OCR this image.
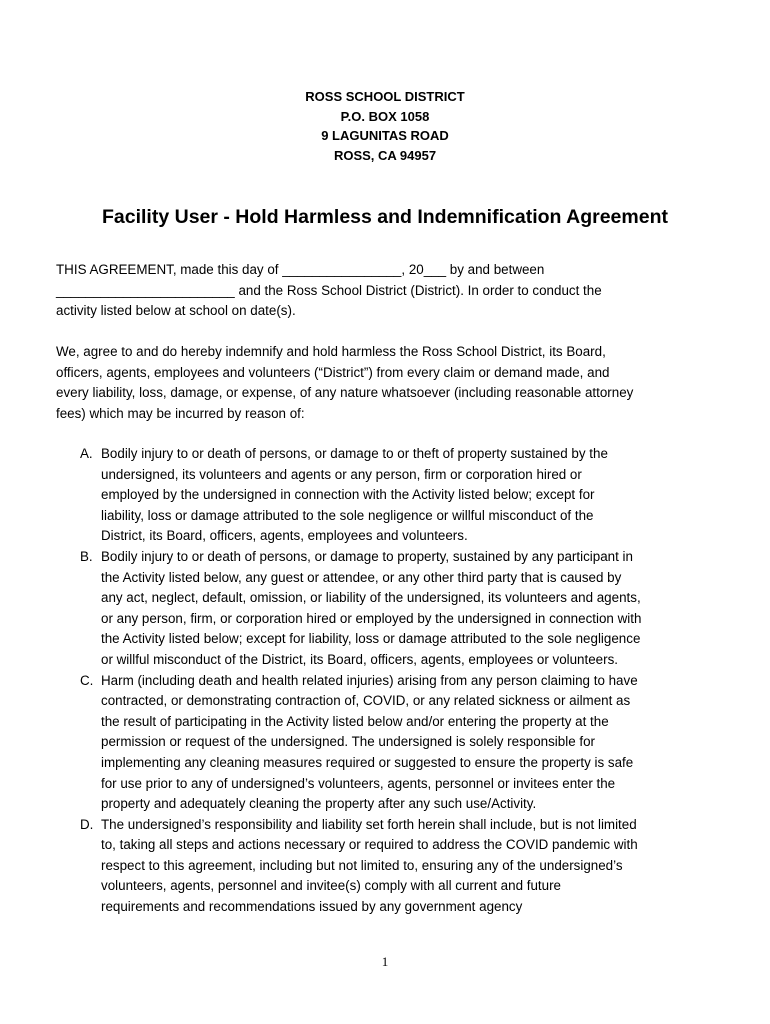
ROSS SCHOOL DISTRICT
P.O. BOX 1058
9 LAGUNITAS ROAD
ROSS, CA 94957
Facility User - Hold Harmless and Indemnification Agreement
THIS AGREEMENT, made this day of ________________, 20___ by and between
________________________ and the Ross School District (District). In order to conduct the
activity listed below at school on date(s).
We, agree to and do hereby indemnify and hold harmless the Ross School District, its Board,
officers, agents, employees and volunteers (“District”) from every claim or demand made, and
every liability, loss, damage, or expense, of any nature whatsoever (including reasonable attorney
fees) which may be incurred by reason of:
A. Bodily injury to or death of persons, or damage to or theft of property sustained by the
undersigned, its volunteers and agents or any person, firm or corporation hired or
employed by the undersigned in connection with the Activity listed below; except for
liability, loss or damage attributed to the sole negligence or willful misconduct of the
District, its Board, officers, agents, employees and volunteers.
B. Bodily injury to or death of persons, or damage to property, sustained by any participant in
the Activity listed below, any guest or attendee, or any other third party that is caused by
any act, neglect, default, omission, or liability of the undersigned, its volunteers and agents,
or any person, firm, or corporation hired or employed by the undersigned in connection with
the Activity listed below; except for liability, loss or damage attributed to the sole negligence
or willful misconduct of the District, its Board, officers, agents, employees or volunteers.
C. Harm (including death and health related injuries) arising from any person claiming to have
contracted, or demonstrating contraction of, COVID, or any related sickness or ailment as
the result of participating in the Activity listed below and/or entering the property at the
permission or request of the undersigned. The undersigned is solely responsible for
implementing any cleaning measures required or suggested to ensure the property is safe
for use prior to any of undersigned’s volunteers, agents, personnel or invitees enter the
property and adequately cleaning the property after any such use/Activity.
D. The undersigned’s responsibility and liability set forth herein shall include, but is not limited
to, taking all steps and actions necessary or required to address the COVID pandemic with
respect to this agreement, including but not limited to, ensuring any of the undersigned’s
volunteers, agents, personnel and invitee(s) comply with all current and future
requirements and recommendations issued by any government agency
1
